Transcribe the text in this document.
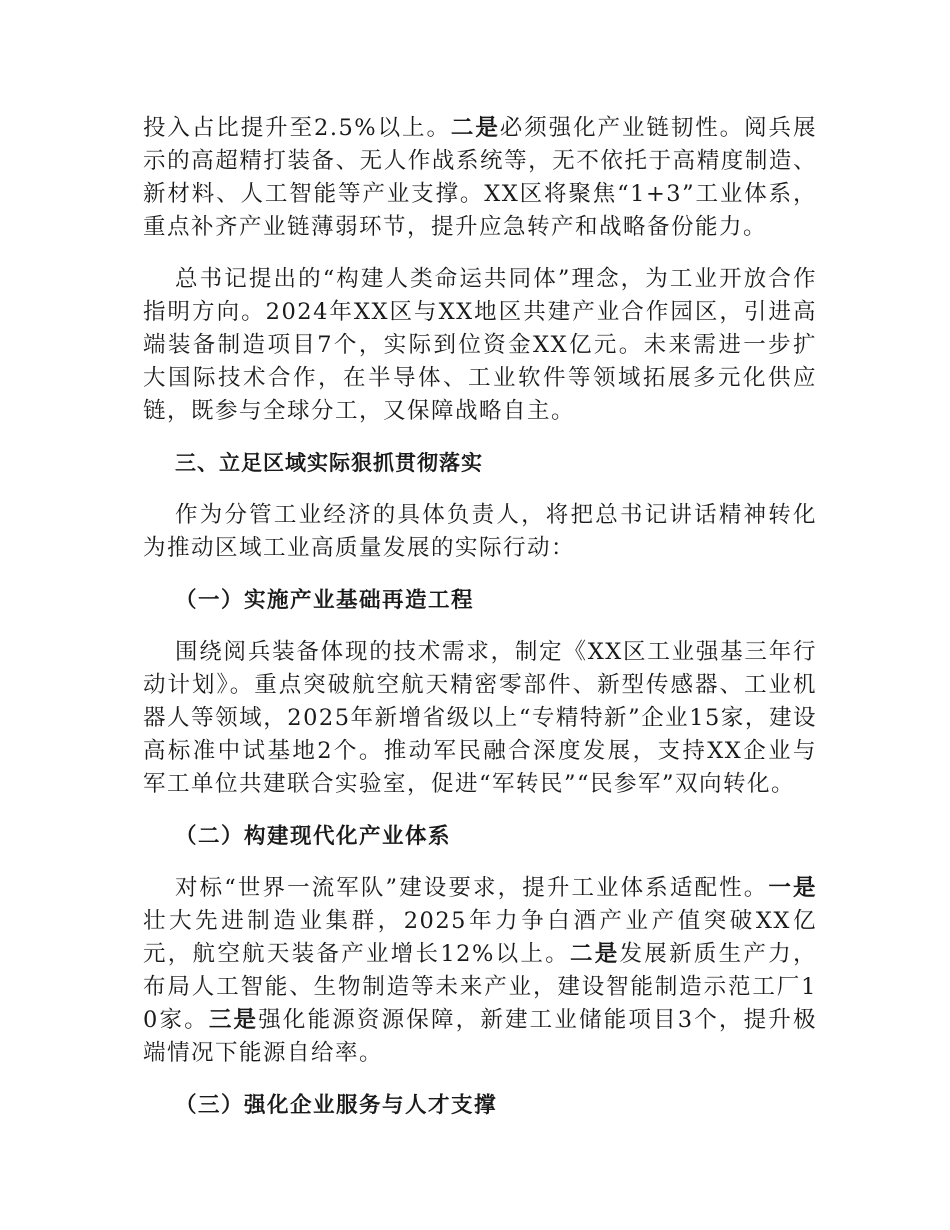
投入占比提升至2.5%以上。二是必须强化产业链韧性。阅兵展示的高超精打装备、无人作战系统等，无不依托于高精度制造、新材料、人工智能等产业支撑。XX区将聚焦“1+3”工业体系，重点补齐产业链薄弱环节，提升应急转产和战略备份能力。

总书记提出的“构建人类命运共同体”理念，为工业开放合作指明方向。2024年XX区与XX地区共建产业合作园区，引进高端装备制造项目7个，实际到位资金XX亿元。未来需进一步扩大国际技术合作，在半导体、工业软件等领域拓展多元化供应链，既参与全球分工，又保障战略自主。

三、立足区域实际狠抓贯彻落实

作为分管工业经济的具体负责人，将把总书记讲话精神转化为推动区域工业高质量发展的实际行动：

（一）实施产业基础再造工程

围绕阅兵装备体现的技术需求，制定《XX区工业强基三年行动计划》。重点突破航空航天精密零部件、新型传感器、工业机器人等领域，2025年新增省级以上“专精特新”企业15家，建设高标准中试基地2个。推动军民融合深度发展，支持XX企业与军工单位共建联合实验室，促进“军转民”“民参军”双向转化。

（二）构建现代化产业体系

对标“世界一流军队”建设要求，提升工业体系适配性。一是壮大先进制造业集群，2025年力争白酒产业产值突破XX亿元，航空航天装备产业增长12%以上。二是发展新质生产力，布局人工智能、生物制造等未来产业，建设智能制造示范工厂10家。三是强化能源资源保障，新建工业储能项目3个，提升极端情况下能源自给率。

（三）强化企业服务与人才支撑
